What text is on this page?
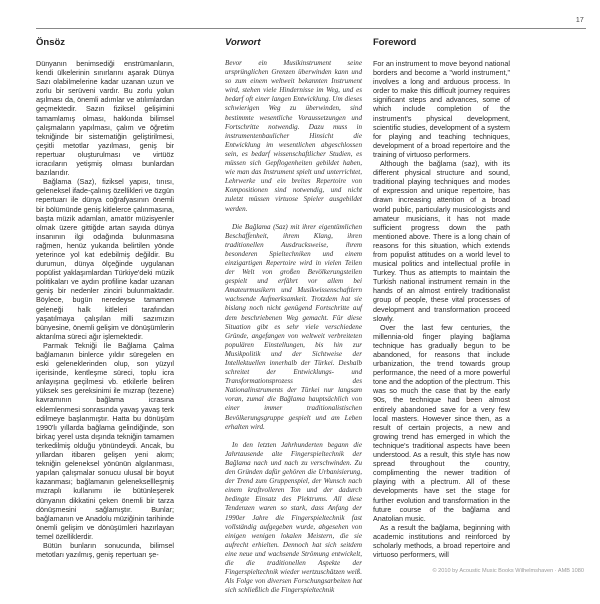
17
Önsöz

Dünyanın benimsediği enstrümanların, kendi ülkelerinin sınırlarını aşarak Dünya Sazı olabilmelerine kadar uzanan uzun ve zorlu bir serüveni vardır. Bu zorlu yolun aşılması da, önemli adımlar ve atılımlardan geçmektedir. Sazın fiziksel gelişimini tamamlamış olması, hakkında bilimsel çalışmaların yapılması, çalım ve öğretim tekniğinde bir sistematiğin geliştirilmesi, çeşitli metotlar yazılması, geniş bir repertuar oluşturulması ve virtüöz icracıların yetişmiş olması bunlardan bazılarıdır.

Bağlama (Saz), fiziksel yapısı, tınısı, geleneksel ifade-çalınış özellikleri ve özgün repertuarı ile dünya coğrafyasının önemli bir bölümünde geniş kitlelerce çalınmasına, başta müzik adamları, amatör müzisyenler olmak üzere gittiğde artan sayıda dünya insanının ilgi odağında bulunmasına rağmen, henüz yukarıda belirtilen yönde yeterince yol kat edebilmiş değildir. Bu durumun, dünya ölçeğinde uygulanan popülist yaklaşımlardan Türkiye'deki müzik politikaları ve aydın profiline kadar uzanan geniş bir nedenler zinciri bulunmaktadır. Böylece, bugün neredeyse tamamen geleneği halk kitleleri tarafından yaşatılmaya çalışılan milli sazımızın bünyesine, önemli gelişim ve dönüşümlerin aktarılma süreci ağır işlemektedir.

Parmak Tekniği İle Bağlama Çalma bağlamanın binlerce yıldır süregelen en eski geleneklerinden olup, son yüzyıl içerisinde, kentleşme süreci, toplu icra anlayışına geçilmesi vb. etkilerle beliren yüksek ses gereksinimi ile mızrap (tezene) kavramının bağlama icrasına eklemlenmesi sonrasında yavaş yavaş terk edilmeye başlanmıştır. Hatta bu dönüşüm 1990'lı yıllarda bağlama gelindiğinde, son birkaç yerel usta dışında tekniğin tamamen terkedilmiş olduğu yönündeydi. Ancak, bu yıllardan itibaren gelişen yeni akım; tekniğin geleneksel yönünün algılanması, yapılan çalışmalar sonucu ulusal bir boyut kazanması; bağlamanın geleneksellleşmiş mızraplı kullanımı ile bütünleşerek dünyanın dikkatini çeken önemli bir tarza dönüşmesini sağlamıştır. Bunlar; bağlamanın ve Anadolu müziğinin tarihinde önemli gelişim ve dönüşümleri hazırlayan temel özelliklerdir.

Bütün bunların sonucunda, bilimsel metotları yazılmış, geniş repertuarı şe-

Vorwort

Bevor ein Musikinstrument seine ursprünglichen Grenzen überwinden kann und so zum einem weltweit bekannten Instrument wird, stehen viele Hindernisse im Weg, und es bedarf oft einer langen Entwicklung. Um dieses schwierigen Weg zu überwinden, sind bestimmte wesentliche Voraussetzungen und Fortschritte notwendig. Dazu muss in instrumentenbaulicher Hinsicht die Entwicklung im wesentlichen abgeschlossen sein, es bedarf wissenschaftlicher Studien, es müssen sich Gepflogenheiten gebildet haben, wie man das Instrument spielt und unterrichtet, Lehrwerke und ein breites Repertoire von Kompositionen sind notwendig, und nicht zuletzt müssen virtuose Spieler ausgebildet werden.

Die Bağlama (Saz) mit ihrer eigentümlichen Beschaffenheit, ihrem Klang, ihren traditionellen Ausdrucksweise, ihrem besonderen Spieltechniken und einem einzigartigen Repertoire wird in vielen Teilen der Welt von großen Bevölkerungsteilen gespielt und erfährt vor allem bei Amateurmusikern und Musikwissenschaftlern wachsende Aufmerksamkeit. Trotzdem hat sie bislang noch nicht genügend Fortschritte auf dem beschriebenen Weg gemacht. Für diese Situation gibt es sehr viele verschiedene Gründe, angefangen von weltweit verbreiteten populären Einstellungen, bis hin zur Musikpolitik und der Sichtweise der Intellektuellen innerhalb der Türkei. Deshalb schreitet der Entwicklungs- und Transformationsprozess des Nationalinstruments der Türkei nur langsam voran, zumal die Bağlama hauptsächlich von einer immer traditionalistischen Bevölkerungsgruppe gespielt und am Leben erhalten wird.

In den letzten Jahrhunderten begann die Jahrtausende alte Fingerspieltechnik der Bağlama nach und nach zu verschwinden. Zu den Gründen dafür gehören die Urbanisierung, der Trend zum Gruppenspiel, der Wunsch nach einem kraftvolleren Ton und der dadurch bedingte Einsatz des Plektrums. All diese Tendenzen waren so stark, dass Anfang der 1990er Jahre die Fingerspieltechnik fast vollständig aufgegeben wurde, abgesehen von einigen wenigen lokalen Meistern, die sie aufrecht erhielten. Dennoch hat sich seitdem eine neue und wachsende Strömung entwickelt, die die traditionellen Aspekte der Fingerspieltechnik wieder wertzuschätzen weiß. Als Folge von diversen Forschungsarbeiten hat sich schließlich die Fingerspieltechnik

Foreword

For an instrument to move beyond national borders and become a "world instrument," involves a long and arduous process. In order to make this difficult journey requires significant steps and advances, some of which include completion of the instrument's physical development, scientific studies, development of a system for playing and teaching techniques, development of a broad repertoire and the training of virtuoso performers.

Although the bağlama (saz), with its different physical structure and sound, traditional playing techniques and modes of expression and unique repertoire, has drawn increasing attention of a broad world public, particularly musicologists and amateur musicians, it has not made sufficient progress down the path mentioned above. There is a long chain of reasons for this situation, which extends from populist attitudes on a world level to musical politics and intellectual profile in Turkey. Thus as attempts to maintain the Turkish national instrument remain in the hands of an almost entirely traditionalist group of people, these vital processes of development and transformation proceed slowly.

Over the last few centuries, the millennia-old finger playing bağlama technique has gradually begun to be abandoned, for reasons that include urbanization, the trend towards group performance, the need of a more powerful tone and the adoption of the plectrum. This was so much the case that by the early 90s, the technique had been almost entirely abandoned save for a very few local masters. However since then, as a result of certain projects, a new and growing trend has emerged in which the technique's traditional aspects have been understood. As a result, this style has now spread throughout the country, complimenting the newer tradition of playing with a plectrum. All of these developments have set the stage for further evolution and transformation in the future course of the bağlama and Anatolian music.

As a result the bağlama, beginning with academic institutions and reinforced by scholarly methods, a broad repertoire and virtuoso performers, will

© 2010 by Acoustic Music Books Wilhelmshaven · AMB 1080
